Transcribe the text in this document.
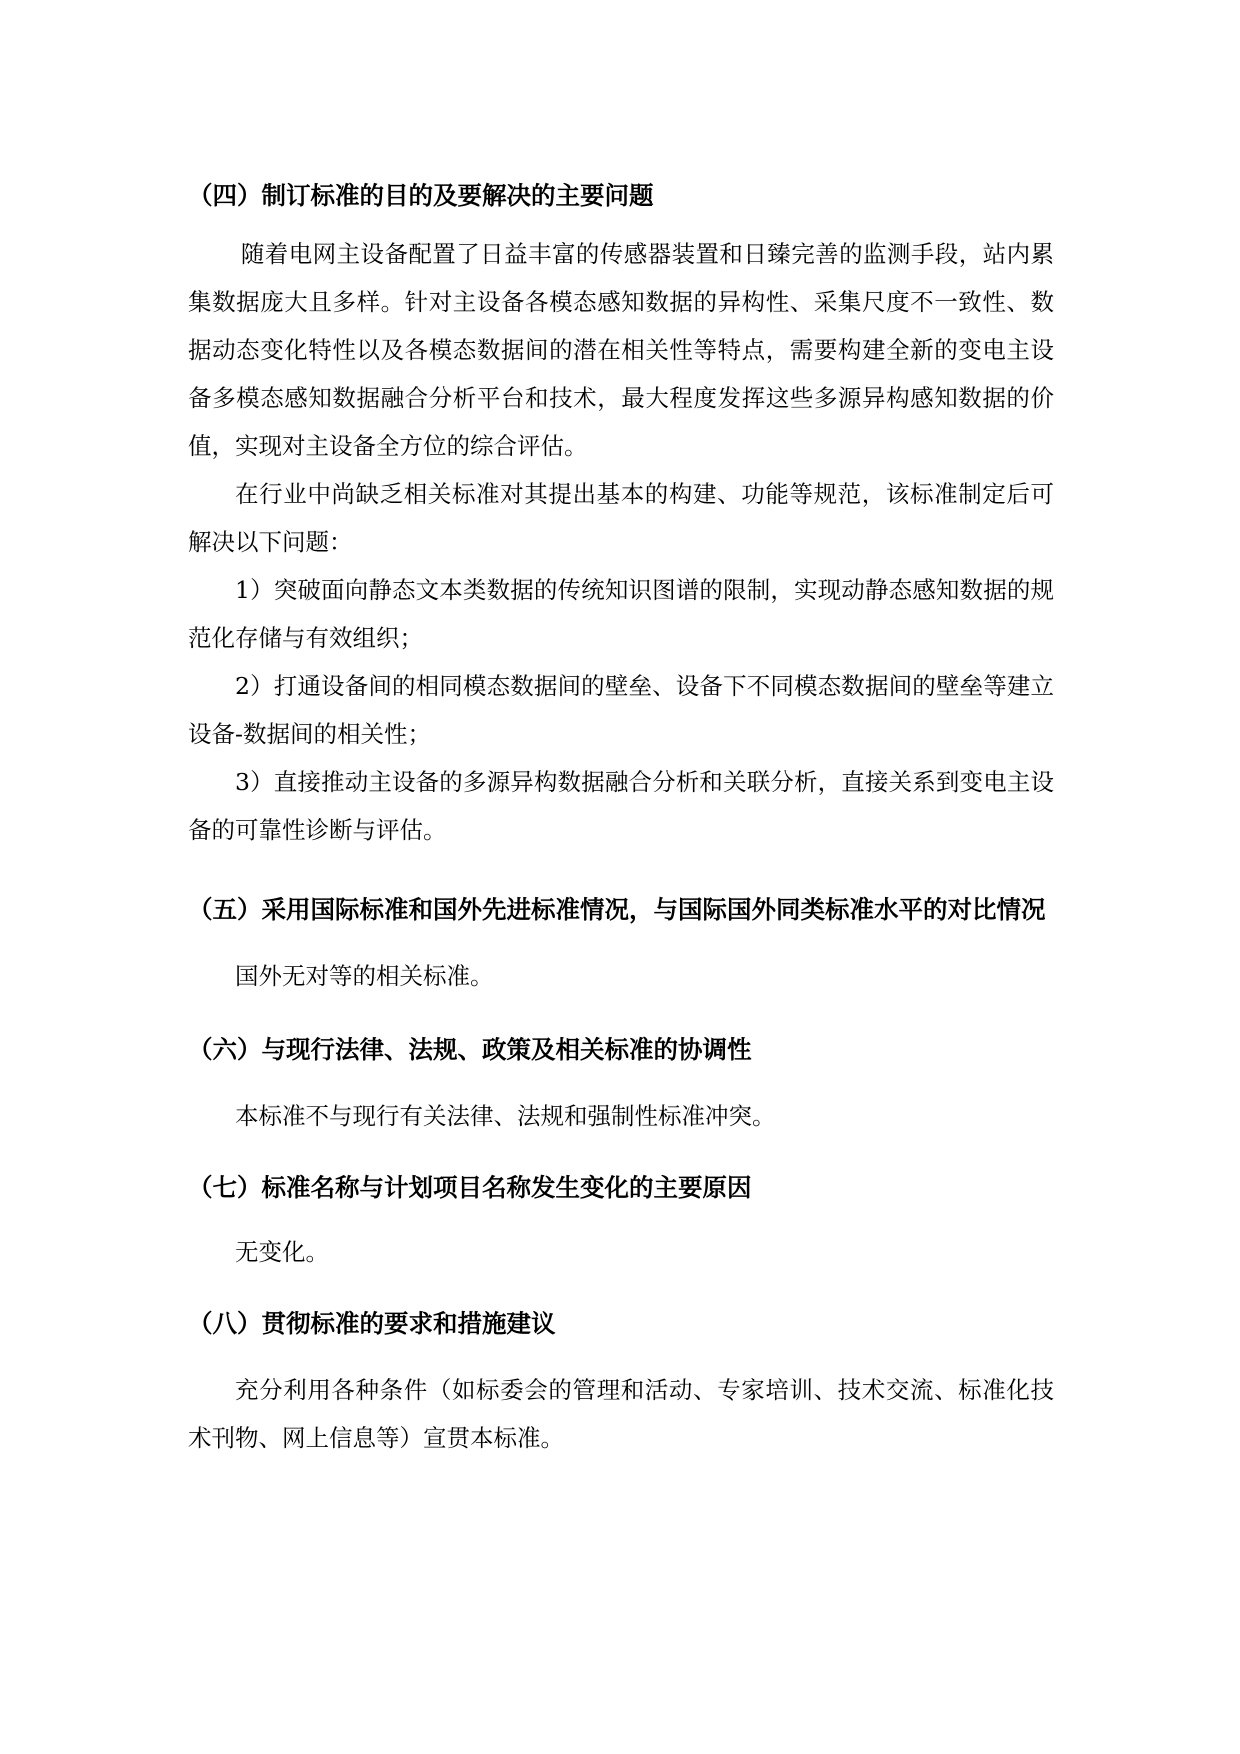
（四）制订标准的目的及要解决的主要问题
随着电网主设备配置了日益丰富的传感器装置和日臻完善的监测手段，站内累集数据庞大且多样。针对主设备各模态感知数据的异构性、采集尺度不一致性、数据动态变化特性以及各模态数据间的潜在相关性等特点，需要构建全新的变电主设备多模态感知数据融合分析平台和技术，最大程度发挥这些多源异构感知数据的价值，实现对主设备全方位的综合评估。
在行业中尚缺乏相关标准对其提出基本的构建、功能等规范，该标准制定后可解决以下问题：
1）突破面向静态文本类数据的传统知识图谱的限制，实现动静态感知数据的规范化存储与有效组织；
2）打通设备间的相同模态数据间的壁垒、设备下不同模态数据间的壁垒等建立设备-数据间的相关性；
3）直接推动主设备的多源异构数据融合分析和关联分析，直接关系到变电主设备的可靠性诊断与评估。
（五）采用国际标准和国外先进标准情况，与国际国外同类标准水平的对比情况
国外无对等的相关标准。
（六）与现行法律、法规、政策及相关标准的协调性
本标准不与现行有关法律、法规和强制性标准冲突。
（七）标准名称与计划项目名称发生变化的主要原因
无变化。
（八）贯彻标准的要求和措施建议
充分利用各种条件（如标委会的管理和活动、专家培训、技术交流、标准化技术刊物、网上信息等）宣贯本标准。
